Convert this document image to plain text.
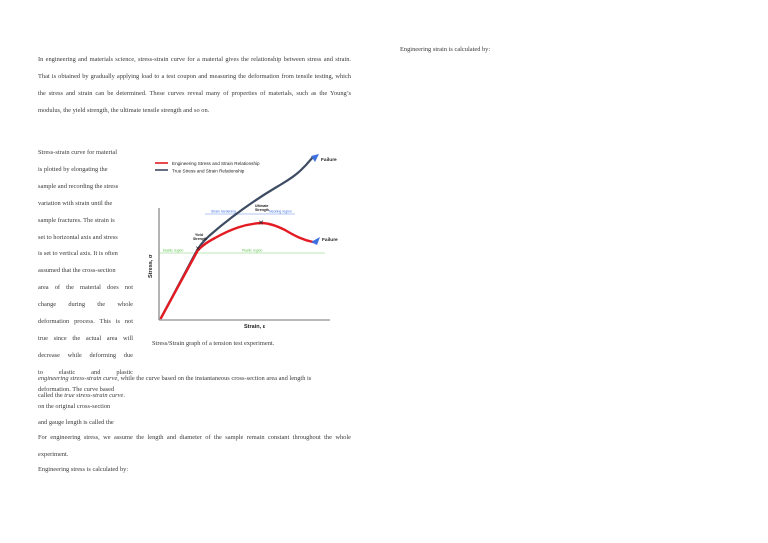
In engineering and materials science, stress-strain curve for a material gives the relationship between stress and strain. That is obtained by gradually applying load to a test coupon and measuring the deformation from tensile testing, which the stress and strain can be determined. These curves reveal many of properties of materials, such as the Young’s modulus, the yield strength, the ultimate tensile strength and so on.

Stress-strain curve for material
is plotted by elongating the
sample and recording the stress
variation with strain until the
sample fractures. The strain is
set to horizontal axis and stress
is set to vertical axis. It is often
assumed that the cross-section
area of the material does not
change during the whole
deformation process. This is not
true since the actual area will
decrease while deforming due
to elastic and plastic
deformation. The curve based
on the original cross-section
and gauge length is called the

engineering stress-strain curve, while the curve based on the instantaneous cross-section area and length is
called the true stress-strain curve.

Stress/Strain graph of a tension test experiment.

For engineering stress, we assume the length and diameter of the sample remain constant throughout the whole experiment.

Engineering stress is calculated by:

Engineering strain is calculated by:

Stress, σ
Strain, ε
Engineering Stress and Strain Relationship
True Stress and Strain Relationship
Strain hardening	Necking region
Elastic region	Plastic region
✕
✕
Yield
Strength
Ultimate
Strength
Failure
Failure
